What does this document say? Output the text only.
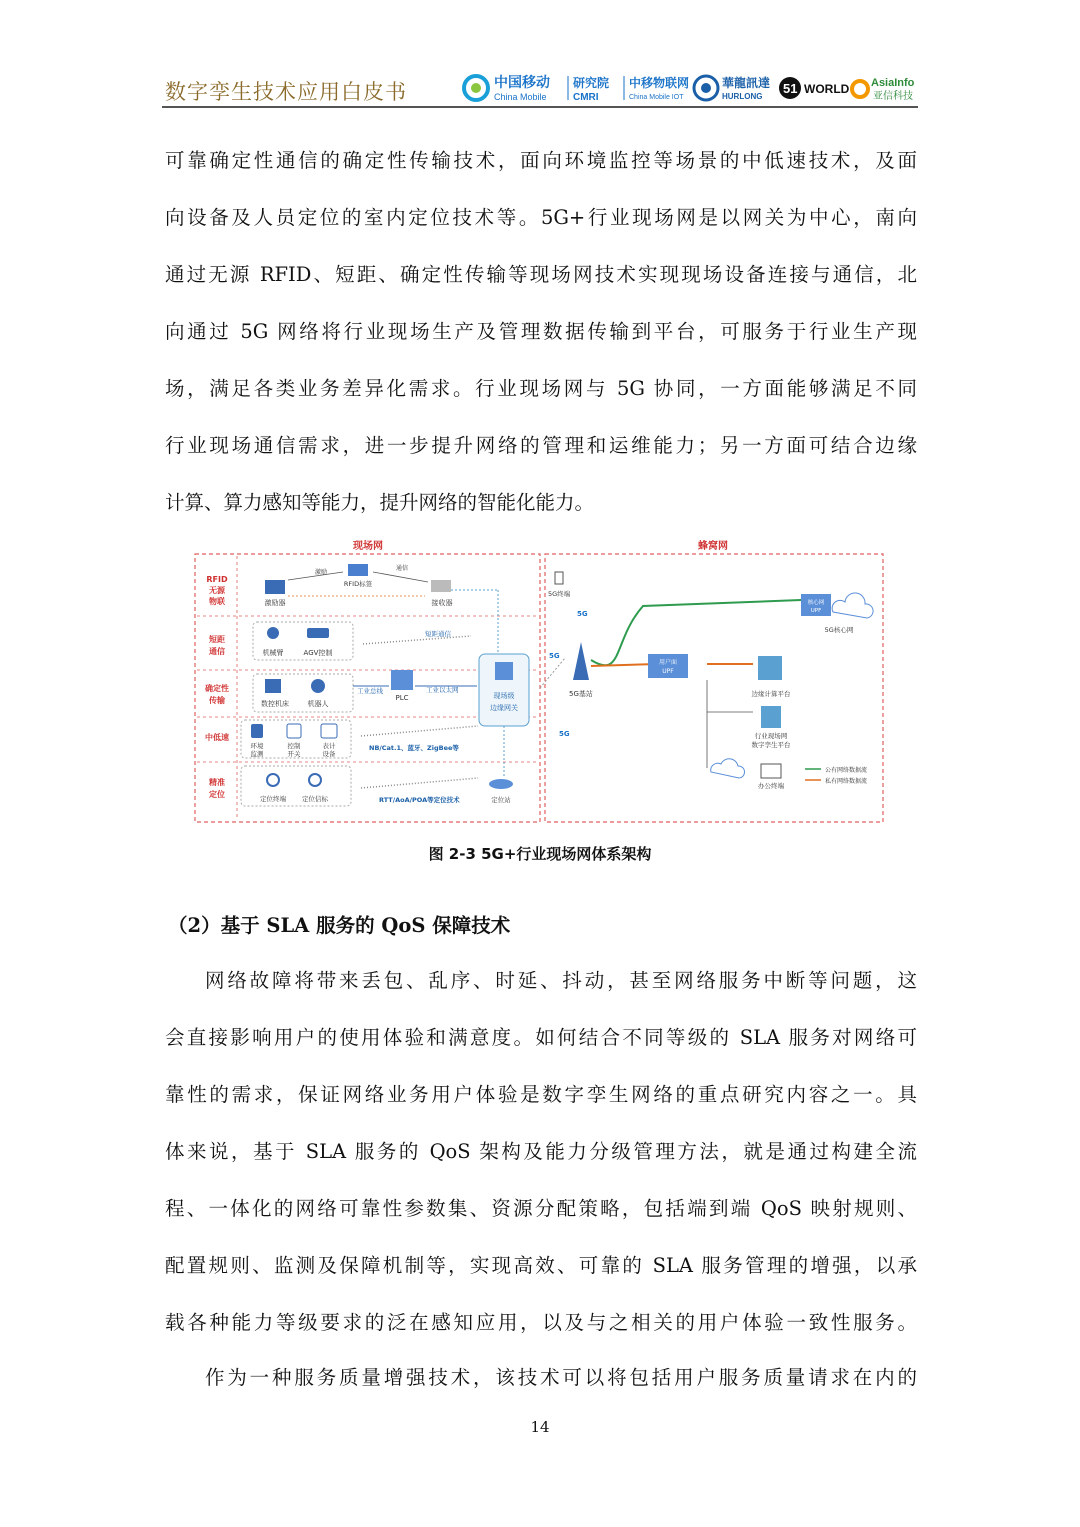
数字孪生技术应用白皮书	中国移动
China Mobile
研究院
CMRI
中移物联网
China Mobile IOT
華龍訊達
HURLONG
51 WORLD AsiaInfo
亚信科技
可靠确定性通信的确定性传输技术，面向环境监控等场景的中低速技术，及面
向设备及人员定位的室内定位技术等。5G+行业现场网是以网关为中心，南向
通过无源 RFID、短距、确定性传输等现场网技术实现现场设备连接与通信，北
向通过 5G 网络将行业现场生产及管理数据传输到平台，可服务于行业生产现
场，满足各类业务差异化需求。行业现场网与 5G 协同，一方面能够满足不同
行业现场通信需求，进一步提升网络的管理和运维能力；另一方面可结合边缘
计算、算力感知等能力，提升网络的智能化能力。
现场网	蜂窝网
RFID
无源
物联
短距
通信
确定性
传输
中低速
精准
定位
激励器
RFID标签
激励
通信
接收器
机械臂	AGV控制
短距通信
数控机床	机器人
PLC
工业总线	工业以太网
现场级
边缘网关
环境
监测
控制
开关
表计
设备
NB/Cat.1、蓝牙、ZigBee等
定位终端 定位信标	RTT/AoA/POA等定位技术	定位站
5G终端
5G
5G
5G
5G基站
核心网
UPF
5G核心网
用户面
UPF
边缘计算平台
行业现场网
数字孪生平台
办公终端
公有网络数据流
私有网络数据流
图 2-3 5G+行业现场网体系架构
（2）基于 SLA 服务的 QoS 保障技术
网络故障将带来丢包、乱序、时延、抖动，甚至网络服务中断等问题，这
会直接影响用户的使用体验和满意度。如何结合不同等级的 SLA 服务对网络可
靠性的需求，保证网络业务用户体验是数字孪生网络的重点研究内容之一。具
体来说，基于 SLA 服务的 QoS 架构及能力分级管理方法，就是通过构建全流
程、一体化的网络可靠性参数集、资源分配策略，包括端到端 QoS 映射规则、
配置规则、监测及保障机制等，实现高效、可靠的 SLA 服务管理的增强，以承
载各种能力等级要求的泛在感知应用，以及与之相关的用户体验一致性服务。
作为一种服务质量增强技术，该技术可以将包括用户服务质量请求在内的
14
